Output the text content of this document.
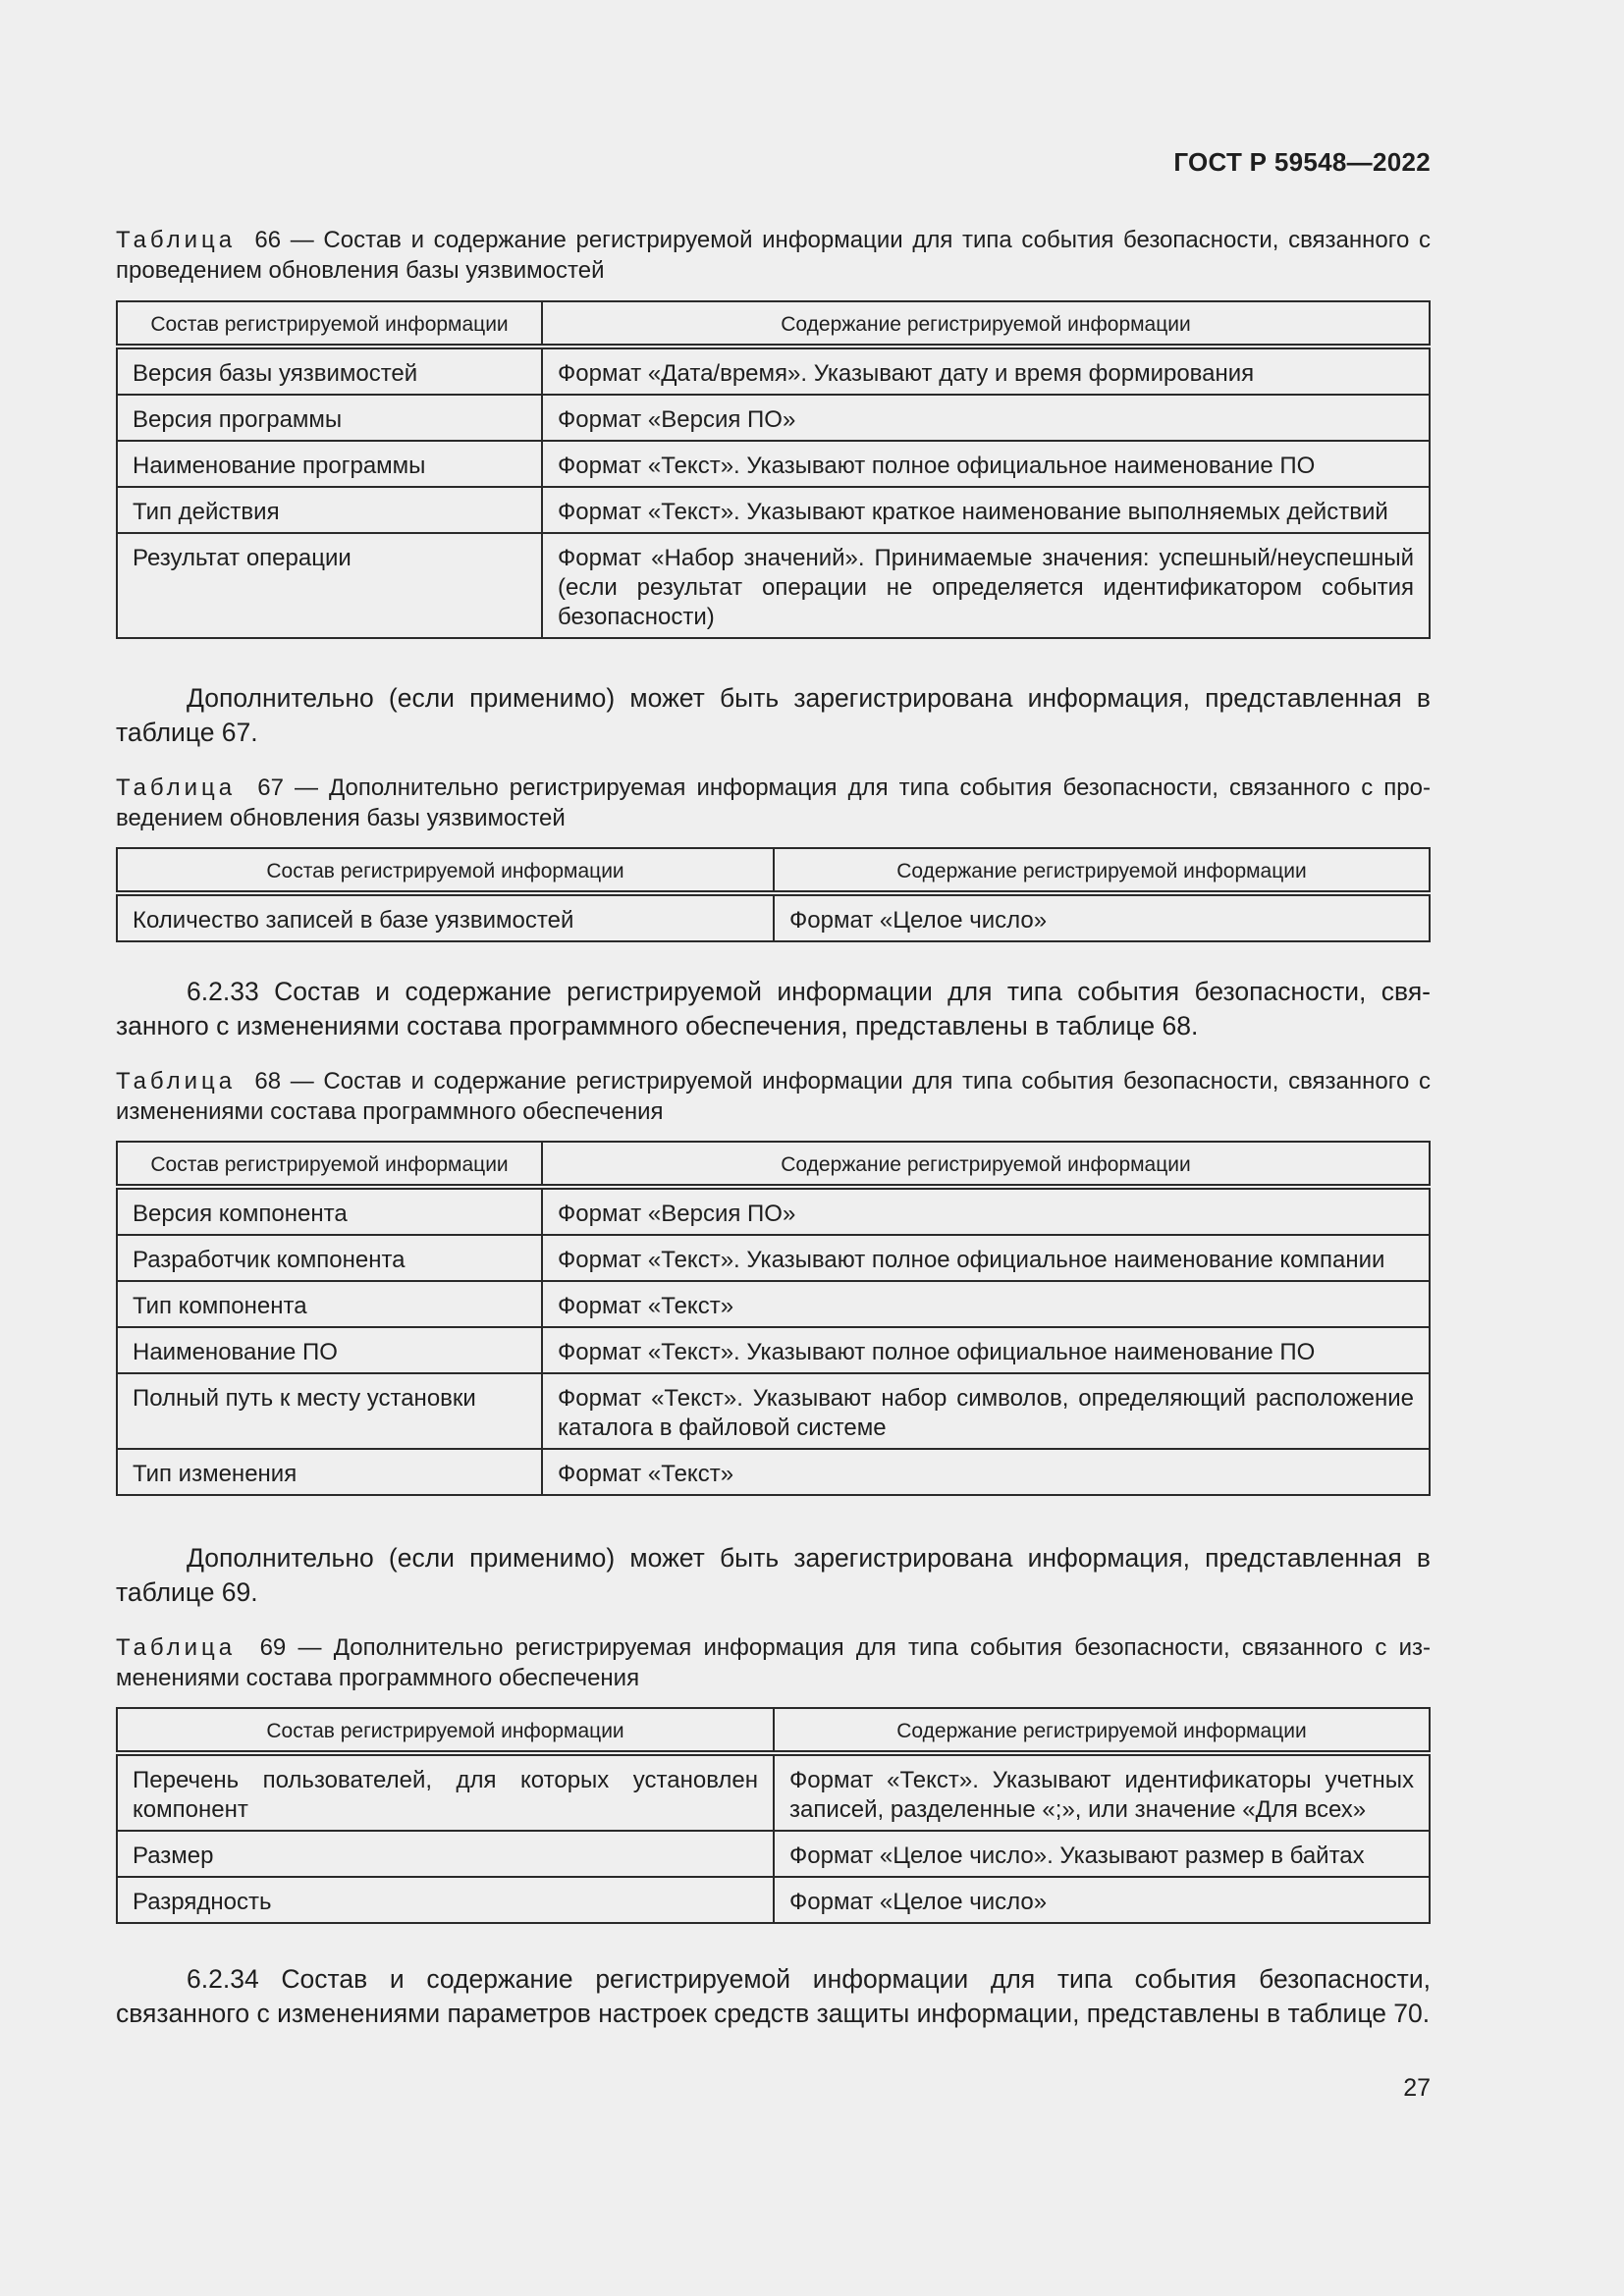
ГОСТ Р 59548—2022
Таблица 66 — Состав и содержание регистрируемой информации для типа события безопасности, связанного с проведением обновления базы уязвимостей
Состав регистрируемой информации	Содержание регистрируемой информации
Версия базы уязвимостей	Формат «Дата/время». Указывают дату и время формирования
Версия программы	Формат «Версия ПО»
Наименование программы	Формат «Текст». Указывают полное официальное наименование ПО
Тип действия	Формат «Текст». Указывают краткое наименование выполняемых действий
Результат операции	Формат «Набор значений». Принимаемые значения: успешный/неуспешный (если результат операции не определяется идентификатором события безопасности)
Дополнительно (если применимо) может быть зарегистрирована информация, представленная в таблице 67.
Таблица 67 — Дополнительно регистрируемая информация для типа события безопасности, связанного с проведением обновления базы уязвимостей
Состав регистрируемой информации	Содержание регистрируемой информации
Количество записей в базе уязвимостей	Формат «Целое число»
6.2.33 Состав и содержание регистрируемой информации для типа события безопасности, связанного с изменениями состава программного обеспечения, представлены в таблице 68.
Таблица 68 — Состав и содержание регистрируемой информации для типа события безопасности, связанного с изменениями состава программного обеспечения
Состав регистрируемой информации	Содержание регистрируемой информации
Версия компонента	Формат «Версия ПО»
Разработчик компонента	Формат «Текст». Указывают полное официальное наименование компании
Тип компонента	Формат «Текст»
Наименование ПО	Формат «Текст». Указывают полное официальное наименование ПО
Полный путь к месту установки	Формат «Текст». Указывают набор символов, определяющий расположение каталога в файловой системе
Тип изменения	Формат «Текст»
Дополнительно (если применимо) может быть зарегистрирована информация, представленная в таблице 69.
Таблица 69 — Дополнительно регистрируемая информация для типа события безопасности, связанного с изменениями состава программного обеспечения
Состав регистрируемой информации	Содержание регистрируемой информации
Перечень пользователей, для которых установлен компонент	Формат «Текст». Указывают идентификаторы учетных записей, разделенные «;», или значение «Для всех»
Размер	Формат «Целое число». Указывают размер в байтах
Разрядность	Формат «Целое число»
6.2.34 Состав и содержание регистрируемой информации для типа события безопасности, связанного с изменениями параметров настроек средств защиты информации, представлены в таблице 70.
27
